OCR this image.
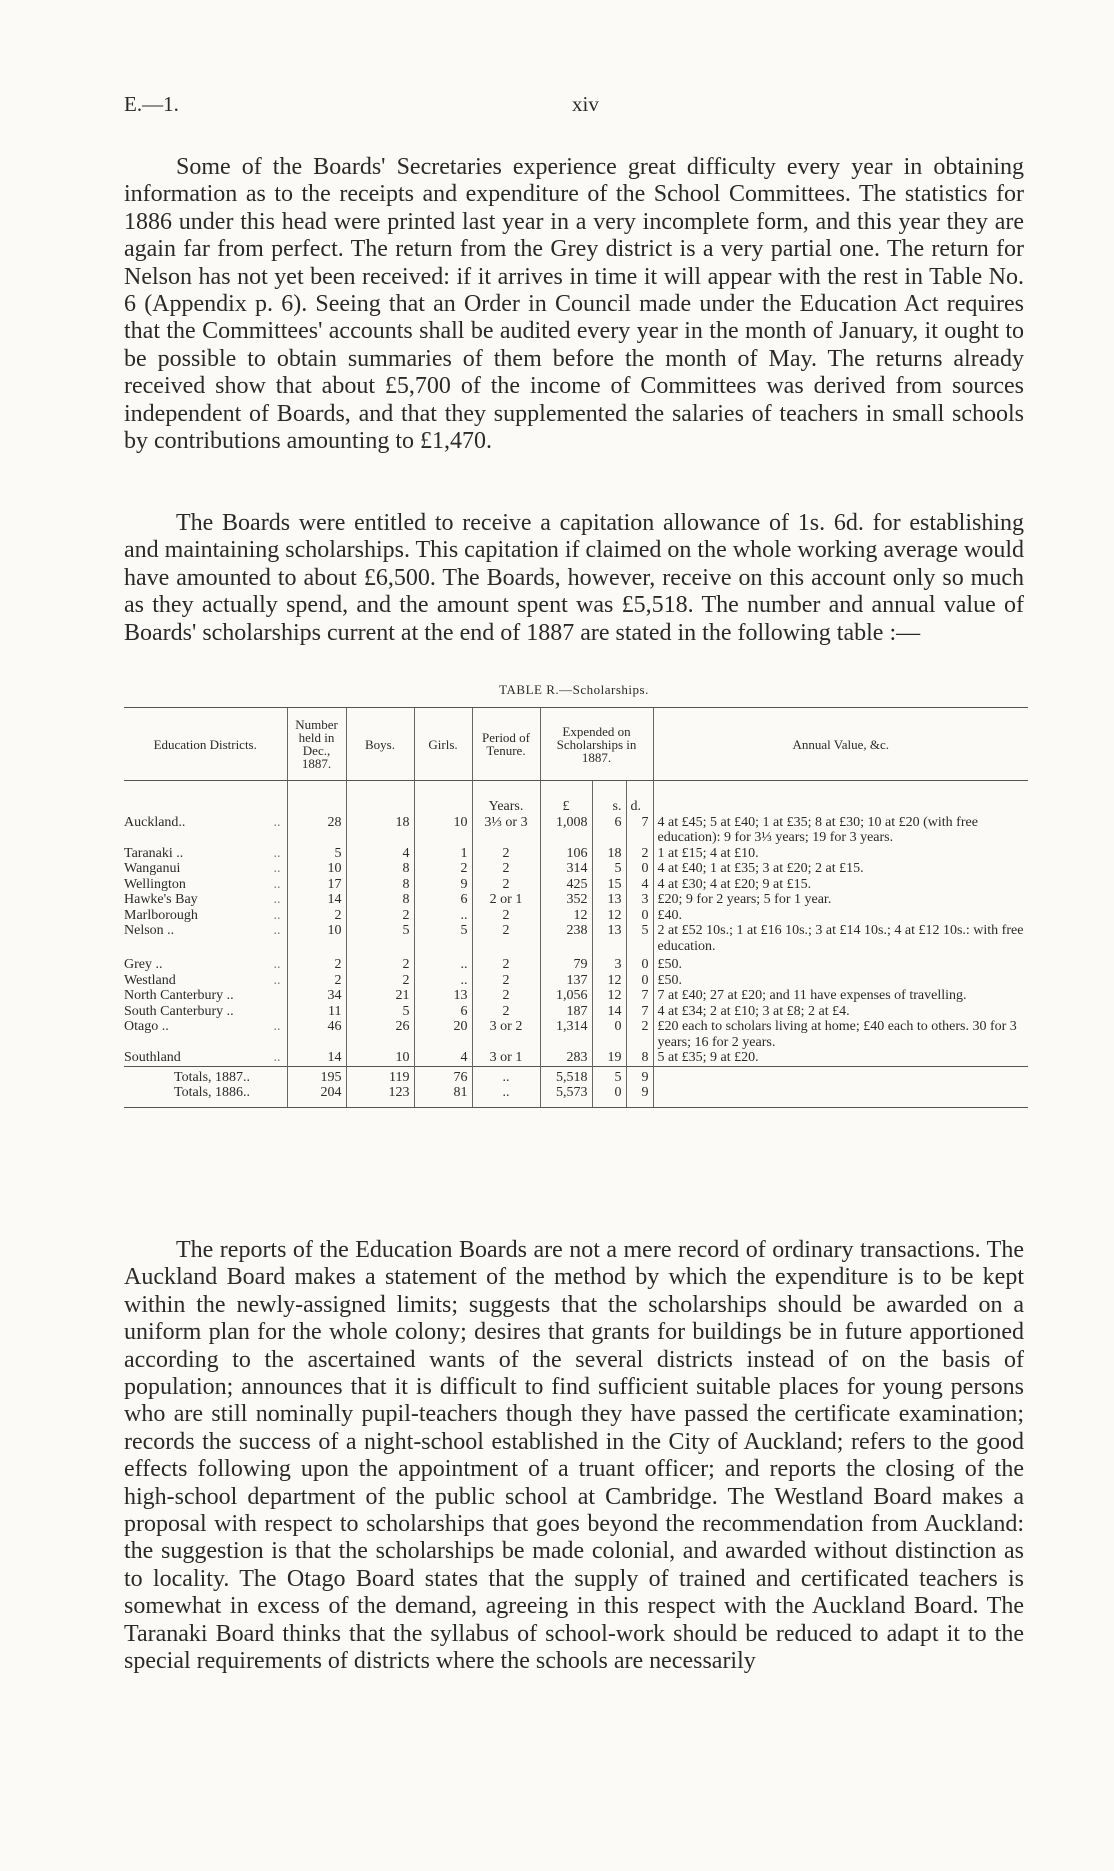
E.—1.	xiv

Some of the Boards' Secretaries experience great difficulty every year in obtaining information as to the receipts and expenditure of the School Committees. The statistics for 1886 under this head were printed last year in a very incomplete form, and this year they are again far from perfect. The return from the Grey district is a very partial one. The return for Nelson has not yet been received: if it arrives in time it will appear with the rest in Table No. 6 (Appendix p. 6). Seeing that an Order in Council made under the Education Act requires that the Committees' accounts shall be audited every year in the month of January, it ought to be possible to obtain summaries of them before the month of May. The returns already received show that about £5,700 of the income of Committees was derived from sources independent of Boards, and that they supplemented the salaries of teachers in small schools by contributions amounting to £1,470.

The Boards were entitled to receive a capitation allowance of 1s. 6d. for establishing and maintaining scholarships. This capitation if claimed on the whole working average would have amounted to about £6,500. The Boards, however, receive on this account only so much as they actually spend, and the amount spent was £5,518. The number and annual value of Boards' scholarships current at the end of 1887 are stated in the following table :—

TABLE R.—Scholarships.
Education Districts.	Number held in Dec., 1887.	Boys.	Girls.	Period of Tenure.	Expended on Scholarships in 1887.			Annual Value, &c.
				Years.	£	s.	d.	
Auckland.. ..	28	18	10	3⅓ or 3	1,008	6	7	4 at £45; 5 at £40; 1 at £35; 8 at £30; 10 at £20 (with free education): 9 for 3⅓ years; 19 for 3 years.
Taranaki .. ..	5	4	1	2	106	18	2	1 at £15; 4 at £10.
Wanganui ..	10	8	2	2	314	5	0	4 at £40; 1 at £35; 3 at £20; 2 at £15.
Wellington ..	17	8	9	2	425	15	4	4 at £30; 4 at £20; 9 at £15.
Hawke's Bay ..	14	8	6	2 or 1	352	13	3	£20; 9 for 2 years; 5 for 1 year.
Marlborough ..	2	2	..	2	12	12	0	£40.
Nelson .. ..	10	5	5	2	238	13	5	2 at £52 10s.; 1 at £16 10s.; 3 at £14 10s.; 4 at £12 10s.: with free education.
Grey .. ..	2	2	..	2	79	3	0	£50.
Westland ..	2	2	..	2	137	12	0	£50.
North Canterbury ..	34	21	13	2	1,056	12	7	7 at £40; 27 at £20; and 11 have expenses of travelling.
South Canterbury ..	11	5	6	2	187	14	7	4 at £34; 2 at £10; 3 at £8; 2 at £4.
Otago .. ..	46	26	20	3 or 2	1,314	0	2	£20 each to scholars living at home; £40 each to others. 30 for 3 years; 16 for 2 years.
Southland ..	14	10	4	3 or 1	283	19	8	5 at £35; 9 at £20.
Totals, 1887..	195	119	76	..	5,518	5	9	
Totals, 1886..	204	123	81	..	5,573	0	9	

The reports of the Education Boards are not a mere record of ordinary transactions. The Auckland Board makes a statement of the method by which the expenditure is to be kept within the newly-assigned limits; suggests that the scholarships should be awarded on a uniform plan for the whole colony; desires that grants for buildings be in future apportioned according to the ascertained wants of the several districts instead of on the basis of population; announces that it is difficult to find sufficient suitable places for young persons who are still nominally pupil-teachers though they have passed the certificate examination; records the success of a night-school established in the City of Auckland; refers to the good effects following upon the appointment of a truant officer; and reports the closing of the high-school department of the public school at Cambridge. The Westland Board makes a proposal with respect to scholarships that goes beyond the recommendation from Auckland: the suggestion is that the scholarships be made colonial, and awarded without distinction as to locality. The Otago Board states that the supply of trained and certificated teachers is somewhat in excess of the demand, agreeing in this respect with the Auckland Board. The Taranaki Board thinks that the syllabus of school-work should be reduced to adapt it to the special requirements of districts where the schools are necessarily
